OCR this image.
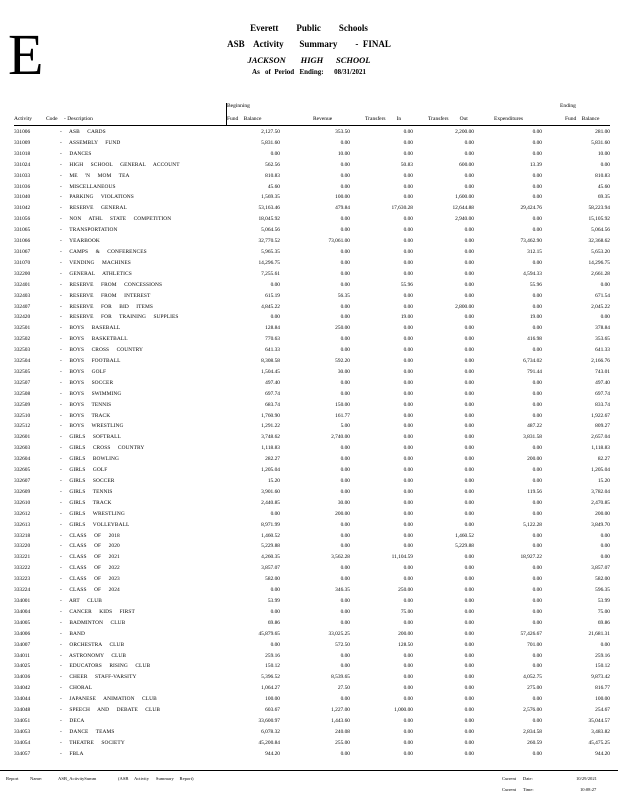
E	Everett        Public        Schools
ASB    Activity       Summary        -  FINAL
JACKSON       HIGH      SCHOOL
As   of  Period   Ending:      08/31/2021
Beginning	Ending
Activity	Code - Description	Fund Balance	Revenue	Transfers        In	Transfers        Out	Expenditures	Fund Balance
331006	- ASB CARDS	2,127.50	353.50	0.00	2,200.00	0.00	281.00
331009	- ASSEMBLY FUND	5,831.60	0.00	0.00	0.00	0.00	5,831.60
331018	- DANCES	0.00	10.00	0.00	0.00	0.00	10.00
331024	- HIGH SCHOOL GENERAL ACCOUNT	562.56	0.00	50.83	600.00	13.39	0.00
331033	- ME 'N MOM TEA	810.83	0.00	0.00	0.00	0.00	810.83
331036	- MISCELLANEOUS	45.60	0.00	0.00	0.00	0.00	45.60
331040	- PARKING VIOLATIONS	1,569.35	100.00	0.00	1,600.00	0.00	69.35
331042	- RESERVE GENERAL	53,163.46	479.84	17,630.28	12,644.88	29,424.76	58,223.94
331056	- NON ATHL STATE COMPETITION	18,045.92	0.00	0.00	2,940.00	0.00	15,105.92
331065	- TRANSPORTATION	5,064.56	0.00	0.00	0.00	0.00	5,064.56
331066	- YEARBOOK	32,770.52	73,061.00	0.00	0.00	73,462.90	32,368.62
331067	- CAMPS & CONFERENCES	5,965.35	0.00	0.00	0.00	312.15	5,653.20
331070	- VENDING MACHINES	14,296.75	0.00	0.00	0.00	0.00	14,296.75
332200	- GENERAL ATHLETICS	7,255.61	0.00	0.00	0.00	4,594.33	2,661.28
332401	- RESERVE FROM CONCESSIONS	0.00	0.00	55.96	0.00	55.96	0.00
332403	- RESERVE FROM INTEREST	615.19	56.35	0.00	0.00	0.00	671.54
332407	- RESERVE FOR BID ITEMS	4,845.22	0.00	0.00	2,800.00	0.00	2,045.22
332420	- RESERVE FOR TRAINING SUPPLIES	0.00	0.00	19.00	0.00	19.00	0.00
332501	- BOYS BASEBALL	128.84	250.00	0.00	0.00	0.00	378.84
332502	- BOYS BASKETBALL	770.63	0.00	0.00	0.00	416.98	353.65
332503	- BOYS CROSS COUNTRY	641.33	0.00	0.00	0.00	0.00	641.33
332504	- BOYS FOOTBALL	8,308.58	592.20	0.00	0.00	6,734.02	2,166.76
332505	- BOYS GOLF	1,504.45	30.00	0.00	0.00	791.44	743.01
332507	- BOYS SOCCER	497.40	0.00	0.00	0.00	0.00	497.40
332508	- BOYS SWIMMING	697.74	0.00	0.00	0.00	0.00	697.74
332509	- BOYS TENNIS	683.74	150.00	0.00	0.00	0.00	833.74
332510	- BOYS TRACK	1,760.90	161.77	0.00	0.00	0.00	1,922.67
332512	- BOYS WRESTLING	1,291.22	5.00	0.00	0.00	487.22	809.27
332601	- GIRLS SOFTBALL	3,748.62	2,740.00	0.00	0.00	3,831.58	2,657.04
332603	- GIRLS CROSS COUNTRY	1,118.83	0.00	0.00	0.00	0.00	1,118.83
332604	- GIRLS BOWLING	282.27	0.00	0.00	0.00	200.00	82.27
332605	- GIRLS GOLF	1,205.04	0.00	0.00	0.00	0.00	1,205.04
332607	- GIRLS SOCCER	15.20	0.00	0.00	0.00	0.00	15.20
332609	- GIRLS TENNIS	3,901.60	0.00	0.00	0.00	119.56	3,782.04
332610	- GIRLS TRACK	2,440.85	30.00	0.00	0.00	0.00	2,470.85
332612	- GIRLS WRESTLING	0.00	200.00	0.00	0.00	0.00	200.00
332613	- GIRLS VOLLEYBALL	8,971.99	0.00	0.00	0.00	5,122.28	3,849.70
333218	- CLASS OF 2018	1,460.52	0.00	0.00	1,460.52	0.00	0.00
333220	- CLASS OF 2020	5,229.88	0.00	0.00	5,229.88	0.00	0.00
333221	- CLASS OF 2021	4,260.35	3,562.28	11,104.59	0.00	18,927.22	0.00
333222	- CLASS OF 2022	3,857.07	0.00	0.00	0.00	0.00	3,857.07
333223	- CLASS OF 2023	582.00	0.00	0.00	0.00	0.00	582.00
333224	- CLASS OF 2024	0.00	346.35	250.00	0.00	0.00	596.35
334001	- ART CLUB	53.99	0.00	0.00	0.00	0.00	53.99
334004	- CANCER KIDS FIRST	0.00	0.00	75.00	0.00	0.00	75.00
334005	- BADMINTON CLUB	69.86	0.00	0.00	0.00	0.00	69.86
334006	- BAND	45,879.65	33,025.25	200.00	0.00	57,426.67	21,681.31
334007	- ORCHESTRA CLUB	0.00	572.50	128.50	0.00	701.00	0.00
334011	- ASTRONOMY CLUB	259.16	0.00	0.00	0.00	0.00	259.16
334025	- EDUCATORS RISING CLUB	150.12	0.00	0.00	0.00	0.00	150.12
334036	- CHEER STAFF-VARSITY	5,396.52	8,539.65	0.00	0.00	4,052.75	9,873.42
334042	- CHORAL	1,064.27	27.50	0.00	0.00	275.00	816.77
334044	- JAPANESE ANIMATION CLUB	100.00	0.00	0.00	0.00	0.00	100.00
334048	- SPEECH AND DEBATE CLUB	603.67	1,227.00	1,000.00	0.00	2,576.00	254.67
334051	- DECA	33,600.97	1,443.60	0.00	0.00	0.00	35,044.57
334053	- DANCE TEAMS	6,078.32	240.08	0.00	0.00	2,834.58	3,483.82
334054	- THEATRE SOCIETY	45,200.84	255.00	0.00	0.00	260.59	45,475.25
334057	- FBLA	944.20	0.00	0.00	0.00	0.00	944.20
Report Name:	ASB_ActivitySumm	(ASB     Activity      Summary     Report)	Current      Date:	10/29/2021
Current      Time:	10:08:27
